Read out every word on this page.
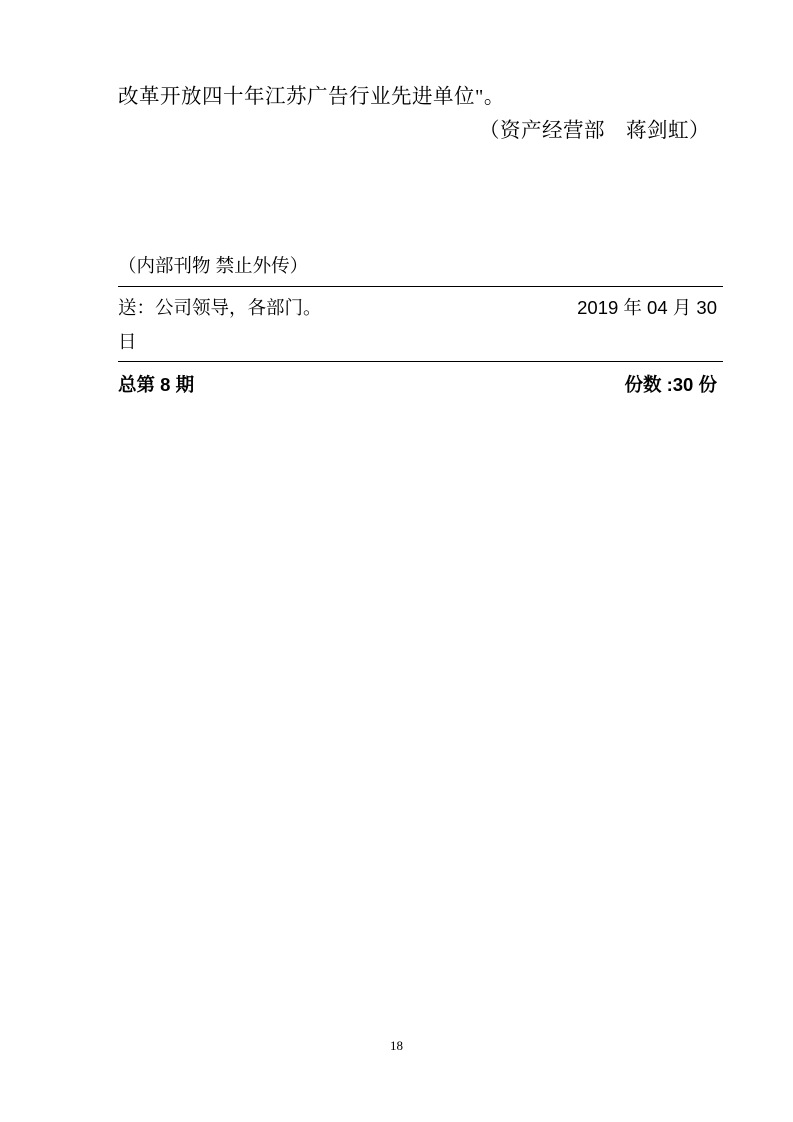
改革开放四十年江苏广告行业先进单位"。

（资产经营部　蒋剑虹）

（内部刊物 禁止外传）
送：公司领导，各部门。	2019 年 04 月 30
日
总第 8 期	份数 :30 份
18
